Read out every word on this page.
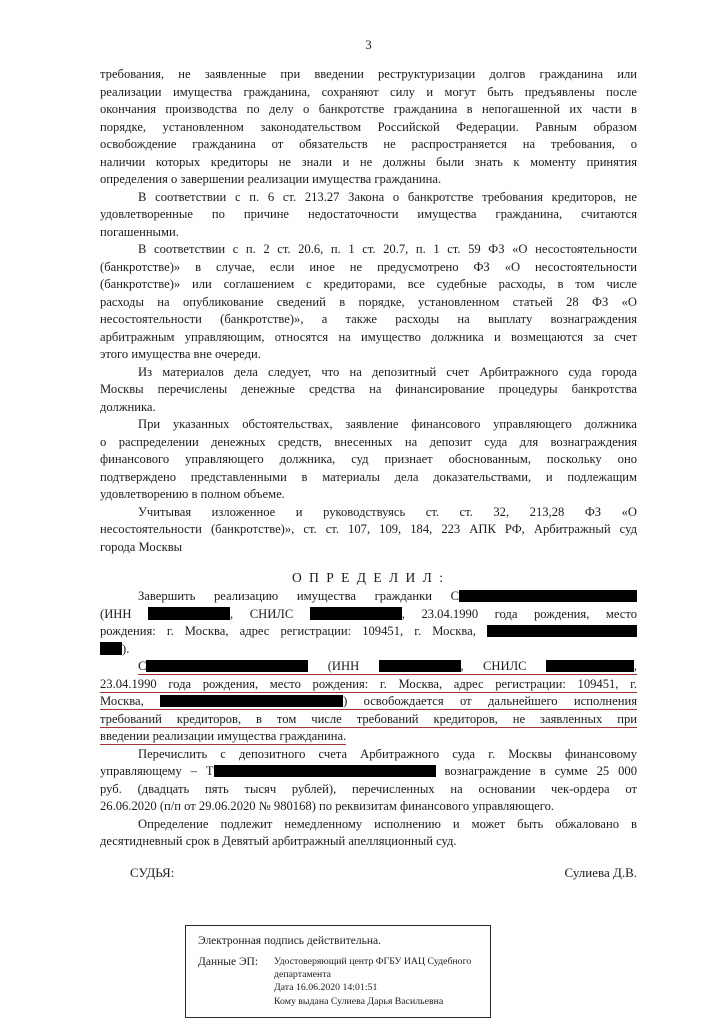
3
требования, не заявленные при введении реструктуризации долгов гражданина или
реализации имущества гражданина, сохраняют силу и могут быть предъявлены после
окончания производства по делу о банкротстве гражданина в непогашенной их части в
порядке, установленном законодательством Российской Федерации. Равным образом
освобождение гражданина от обязательств не распространяется на требования, о
наличии которых кредиторы не знали и не должны были знать к моменту принятия
определения о завершении реализации имущества гражданина.
В соответствии с п. 6 ст. 213.27 Закона о банкротстве требования кредиторов, не
удовлетворенные по причине недостаточности имущества гражданина, считаются
погашенными.
В соответствии с п. 2 ст. 20.6, п. 1 ст. 20.7, п. 1 ст. 59 ФЗ «О несостоятельности
(банкротстве)» в случае, если иное не предусмотрено ФЗ «О несостоятельности
(банкротстве)» или соглашением с кредиторами, все судебные расходы, в том числе
расходы на опубликование сведений в порядке, установленном статьей 28 ФЗ «О
несостоятельности (банкротстве)», а также расходы на выплату вознаграждения
арбитражным управляющим, относятся на имущество должника и возмещаются за счет
этого имущества вне очереди.
Из материалов дела следует, что на депозитный счет Арбитражного суда города
Москвы перечислены денежные средства на финансирование процедуры банкротства
должника.
При указанных обстоятельствах, заявление финансового управляющего должника
о распределении денежных средств, внесенных на депозит суда для вознаграждения
финансового управляющего должника, суд признает обоснованным, поскольку оно
подтверждено представленными в материалы дела доказательствами, и подлежащим
удовлетворению в полном объеме.
Учитывая изложенное и руководствуясь ст. ст. 32, 213,28 ФЗ «О
несостоятельности (банкротстве)», ст. ст. 107, 109, 184, 223 АПК РФ, Арбитражный суд
города Москвы
О П Р Е Д Е Л И Л :
Завершить реализацию имущества гражданки С
(ИНН	, СНИЛС	, 23.04.1990 года рождения, место
рождения: г. Москва, адрес регистрации: 109451, г. Москва,
).
С	(ИНН	, СНИЛС	,
23.04.1990 года рождения, место рождения: г. Москва, адрес регистрации: 109451, г.
Москва,	) освобождается от дальнейшего исполнения
требований кредиторов, в том числе требований кредиторов, не заявленных при
введении реализации имущества гражданина.
Перечислить с депозитного счета Арбитражного суда г. Москвы финансовому
управляющему – Т	вознаграждение в сумме 25 000
руб. (двадцать пять тысяч рублей), перечисленных на основании чек-ордера от
26.06.2020 (п/п от 29.06.2020 № 980168) по реквизитам финансового управляющего.
Определение подлежит немедленному исполнению и может быть обжаловано в
десятидневный срок в Девятый арбитражный апелляционный суд.
СУДЬЯ:	Сулиева Д.В.
Электронная подпись действительна.
Данные ЭП:	Удостоверяющий центр ФГБУ ИАЦ Судебного департамента
Дата 16.06.2020 14:01:51
Кому выдана Сулиева Дарья Васильевна
